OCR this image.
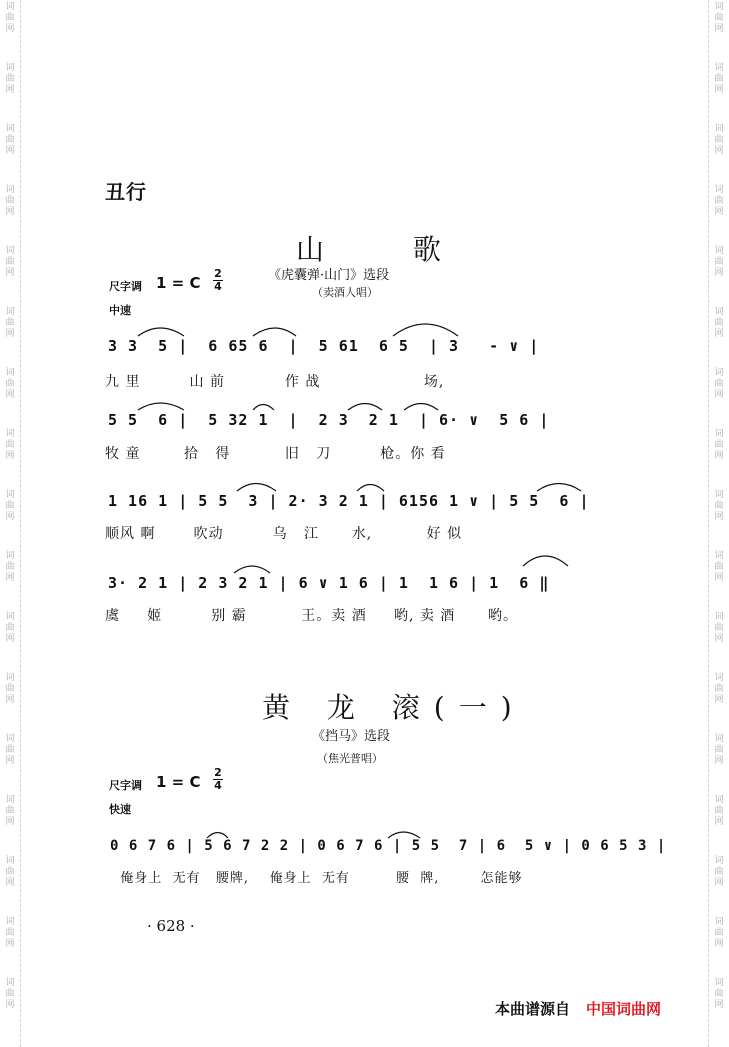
词
曲
网
词
曲
网
词
曲
网
词
曲
网
词
曲
网
词
曲
网
词
曲
网
词
曲
网
词
曲
网
词
曲
网
词
曲
网
词
曲
网
词
曲
网
词
曲
网
词
曲
网
词
曲
网
词
曲
网
词
曲
网
词
曲
网
词
曲
网
词
曲
网
词
曲
网
词
曲
网
词
曲
网
词
曲
网
词
曲
网
词
曲
网
词
曲
网
词
曲
网
词
曲
网
词
曲
网
词
曲
网
词
曲
网
词
曲
网
丑行
山 歌
《虎囊弹·山门》选段
（卖酒人唱）
尺字调 1 = C
2
4
中速
3 3  5 |  6 65 6  |  5 61  6 5  | 3   - ∨ |
九 里         山 前           作 战                   场,
5 5  6 |  5 32 1  |  2 3  2 1  | 6· ∨  5 6 |
牧 童        拾   得          旧   刀         枪。你 看
1 16 1 | 5 5  3 | 2· 3 2 1 | 6156 1 ∨ | 5 5  6 |
顺风 啊       吹动         乌   江      水,          好 似
3· 2 1 | 2 3 2 1 | 6 ∨ 1 6 | 1  1 6 | 1  6 ‖
虞     姬         别 霸          王。卖 酒     哟, 卖 酒      哟。
黄 龙 滚(一)
《挡马》选段
（焦光普唱）
尺字调 1 = C
2
4
快速
0 6 7 6 | 5 6 7 2 2 | 0 6 7 6 | 5 5  7 | 6  5 ∨ | 0 6 5 3 |
俺身上  无有   腰牌,    俺身上  无有         腰  牌,        怎能够
· 628 ·
本曲谱源自 中国词曲网
